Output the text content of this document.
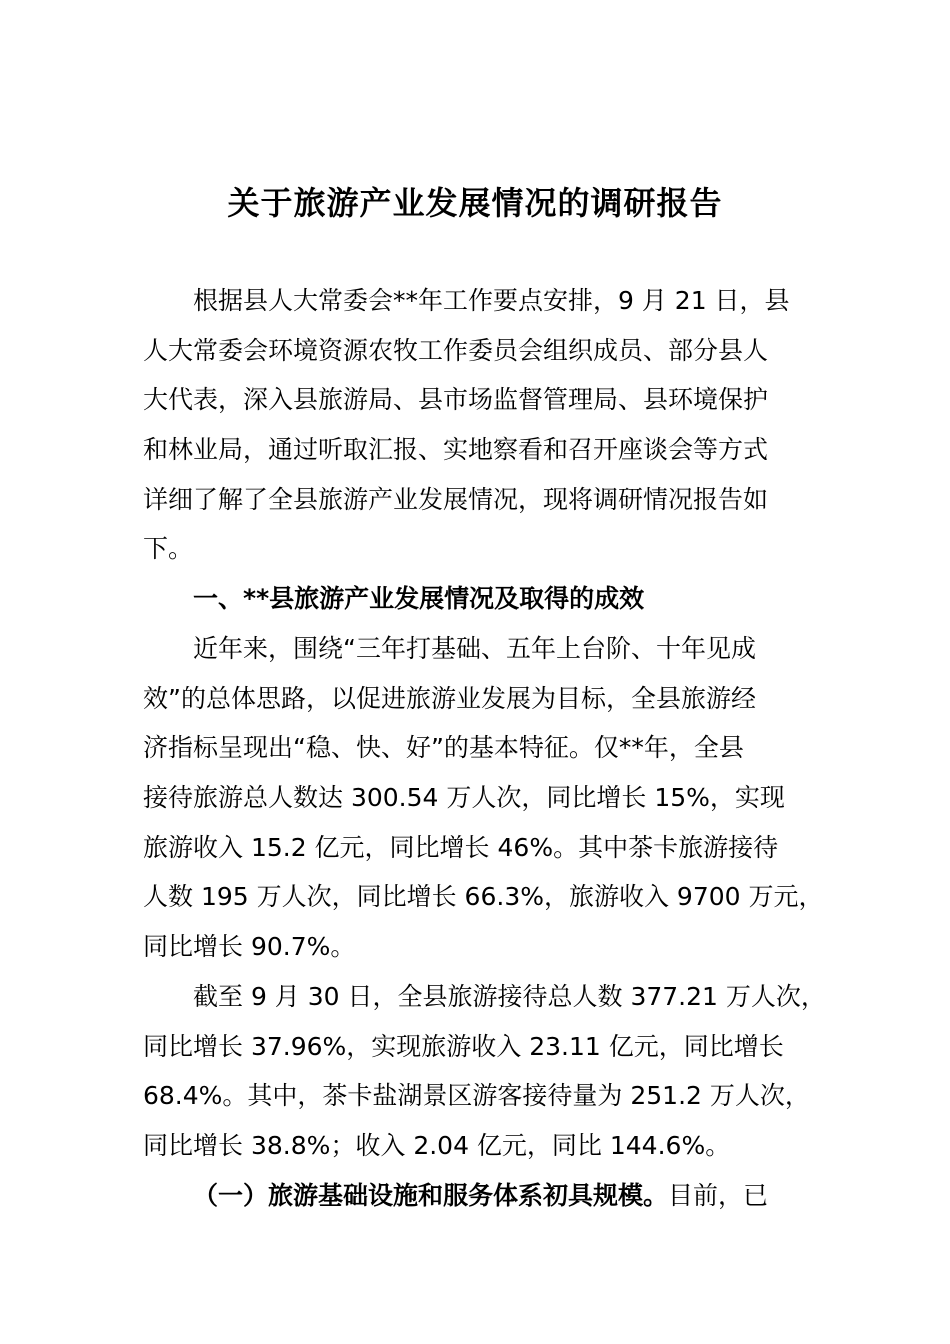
关于旅游产业发展情况的调研报告
根据县人大常委会**年工作要点安排，9 月 21 日，县
人大常委会环境资源农牧工作委员会组织成员、部分县人
大代表，深入县旅游局、县市场监督管理局、县环境保护
和林业局，通过听取汇报、实地察看和召开座谈会等方式
详细了解了全县旅游产业发展情况，现将调研情况报告如
下。
一、**县旅游产业发展情况及取得的成效
近年来，围绕“三年打基础、五年上台阶、十年见成
效”的总体思路，以促进旅游业发展为目标，全县旅游经
济指标呈现出“稳、快、好”的基本特征。仅**年，全县
接待旅游总人数达 300.54 万人次，同比增长 15%，实现
旅游收入 15.2 亿元，同比增长 46%。其中茶卡旅游接待
人数 195 万人次，同比增长 66.3%，旅游收入 9700 万元，
同比增长 90.7%。
截至 9 月 30 日，全县旅游接待总人数 377.21 万人次，
同比增长 37.96%，实现旅游收入 23.11 亿元，同比增长
68.4%。其中，茶卡盐湖景区游客接待量为 251.2 万人次，
同比增长 38.8%；收入 2.04 亿元，同比 144.6%。
（一）旅游基础设施和服务体系初具规模。目前，已
